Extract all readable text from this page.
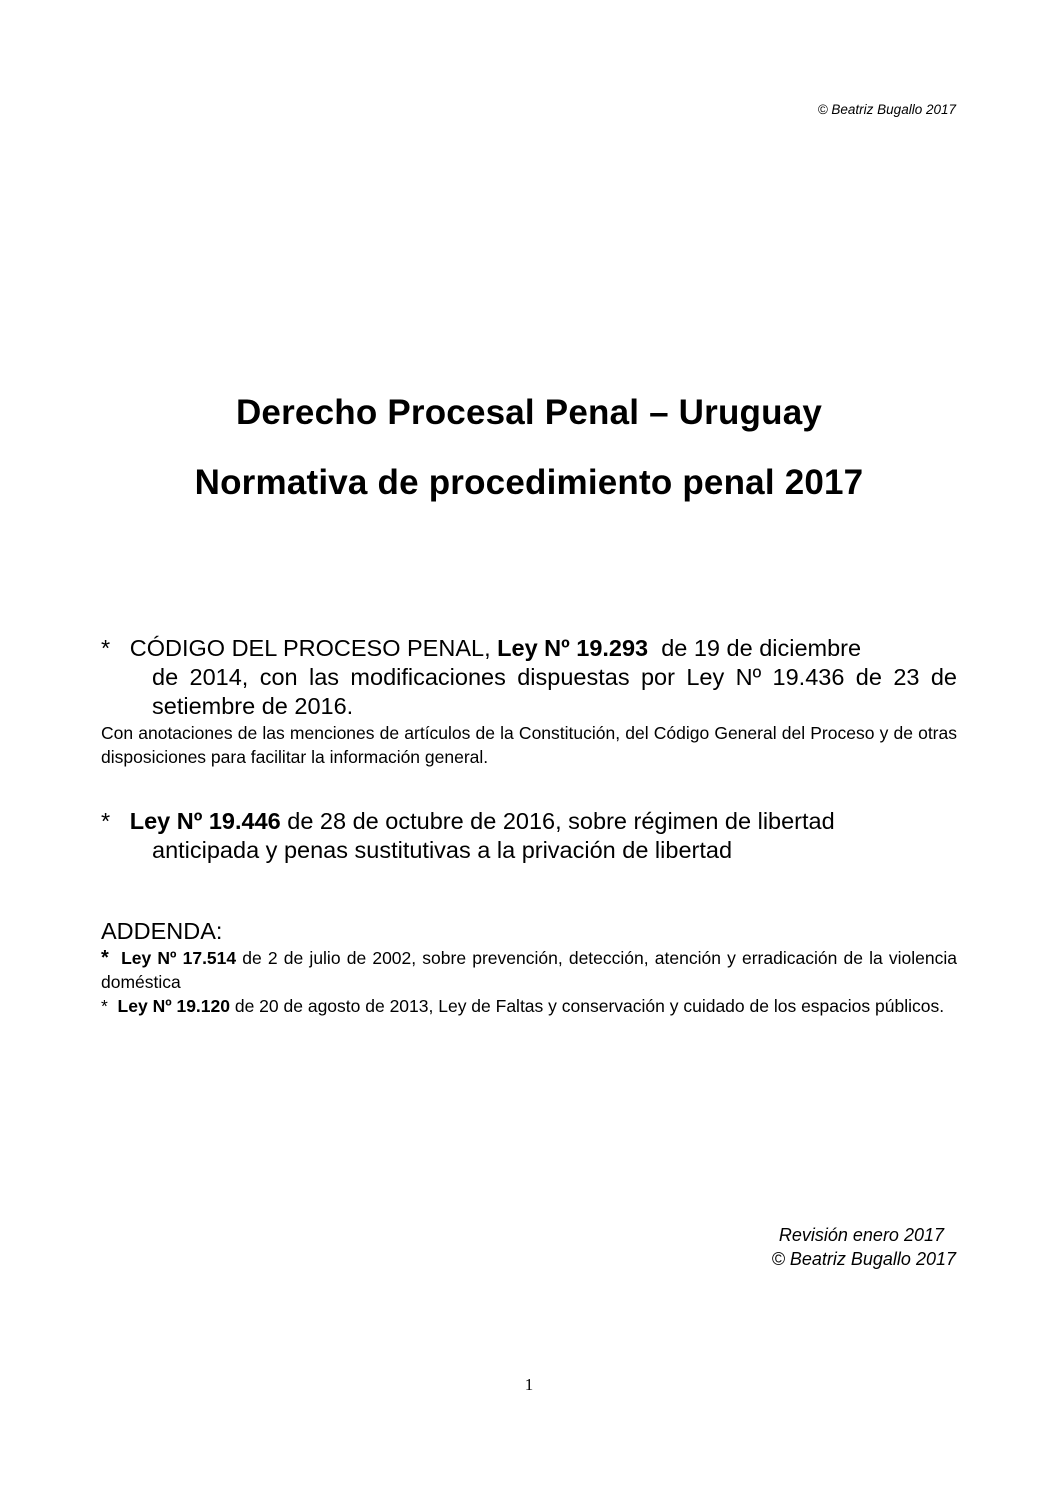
© Beatriz Bugallo 2017
Derecho Procesal Penal – Uruguay
Normativa de procedimiento penal 2017
* CÓDIGO DEL PROCESO PENAL, Ley Nº 19.293 de 19 de diciembre
de 2014, con las modificaciones dispuestas por Ley Nº 19.436 de 23 de setiembre de 2016.
Con anotaciones de las menciones de artículos de la Constitución, del Código General del Proceso y de otras disposiciones para facilitar la información general.
* Ley Nº 19.446 de 28 de octubre de 2016, sobre régimen de libertad
anticipada y penas sustitutivas a la privación de libertad
ADDENDA:
* Ley Nº 17.514 de 2 de julio de 2002, sobre prevención, detección, atención y erradicación de la violencia doméstica
* Ley Nº 19.120 de 20 de agosto de 2013, Ley de Faltas y conservación y cuidado de los espacios públicos.
Revisión enero 2017
© Beatriz Bugallo 2017
1
